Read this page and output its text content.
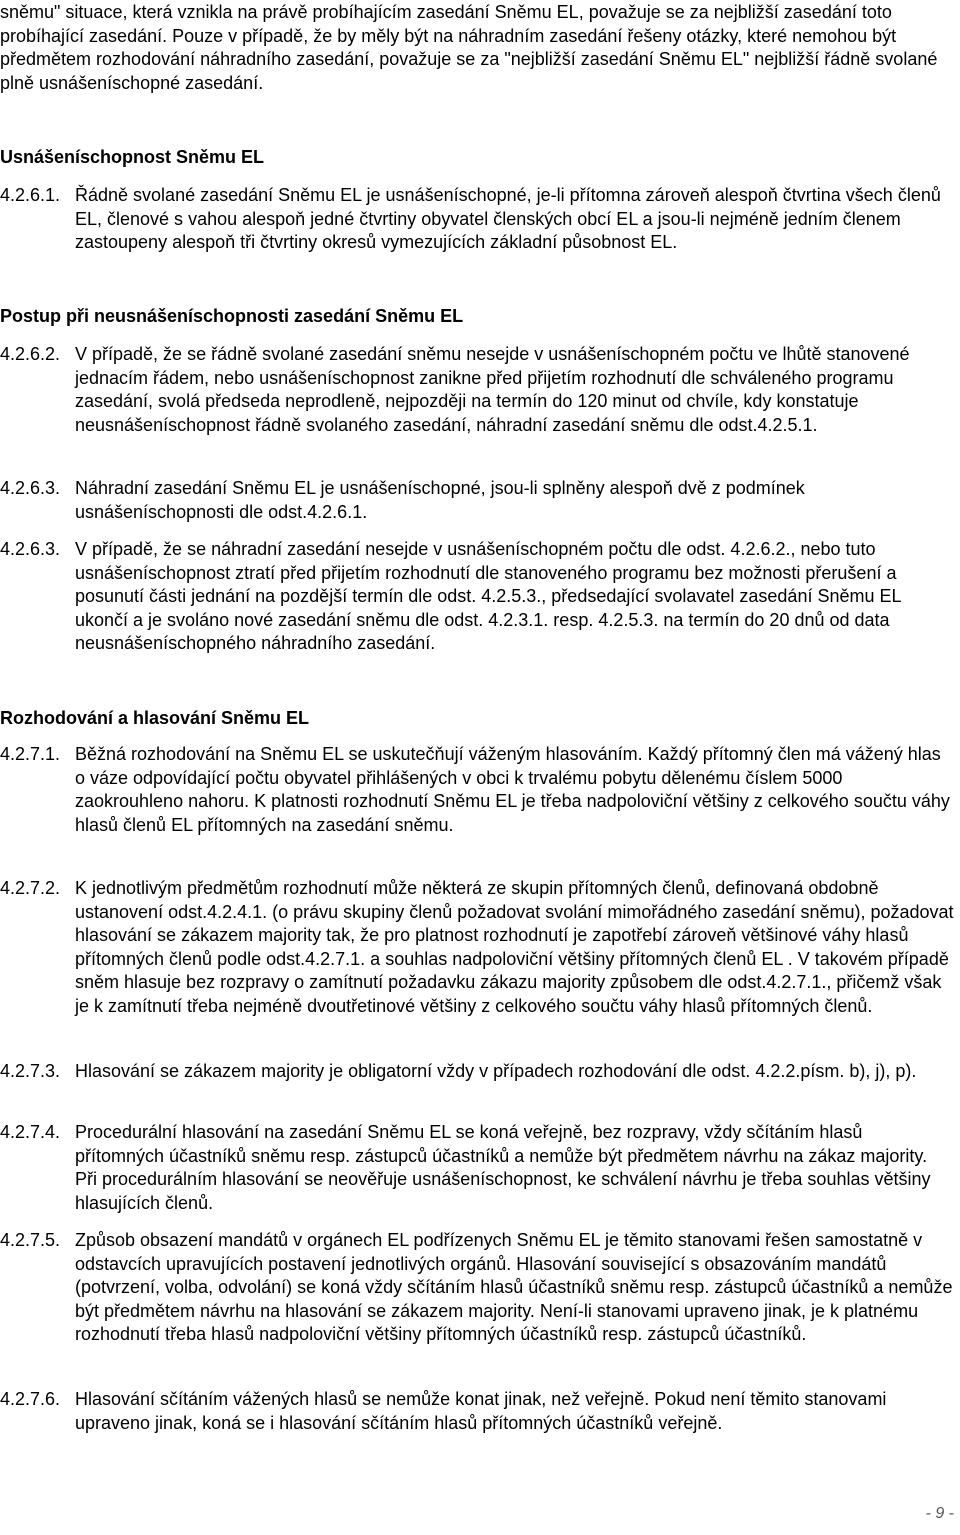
sněmu" situace, která vznikla na právě probíhajícím zasedání Sněmu EL, považuje se za nejbližší zasedání toto probíhající zasedání. Pouze v případě, že by měly být na náhradním zasedání řešeny otázky, které nemohou být předmětem rozhodování náhradního zasedání, považuje se za "nejbližší zasedání Sněmu EL" nejbližší řádně svolané plně usnášeníschopné zasedání.

Usnášeníschopnost Sněmu EL
4.2.6.1. Řádně svolané zasedání Sněmu EL je usnášeníschopné, je-li přítomna zároveň alespoň čtvrtina všech členů EL, členové s vahou alespoň jedné čtvrtiny obyvatel členských obcí EL a jsou-li nejméně jedním členem zastoupeny alespoň tři čtvrtiny okresů vymezujících základní působnost EL.

Postup při neusnášeníschopnosti zasedání Sněmu EL
4.2.6.2. V případě, že se řádně svolané zasedání sněmu nesejde v usnášeníschopném počtu ve lhůtě stanovené jednacím řádem, nebo usnášeníschopnost zanikne před přijetím rozhodnutí dle schváleného programu zasedání, svolá předseda neprodleně, nejpozději na termín do 120 minut od chvíle, kdy konstatuje neusnášeníschopnost řádně svolaného zasedání, náhradní zasedání sněmu dle odst.4.2.5.1.

4.2.6.3. Náhradní zasedání Sněmu EL je usnášeníschopné, jsou-li splněny alespoň dvě z podmínek usnášeníschopnosti dle odst.4.2.6.1.

4.2.6.3. V případě, že se náhradní zasedání nesejde v usnášeníschopném počtu dle odst. 4.2.6.2., nebo tuto usnášeníschopnost ztratí před přijetím rozhodnutí dle stanoveného programu bez možnosti přerušení a posunutí části jednání na pozdější termín dle odst. 4.2.5.3., předsedající svolavatel zasedání Sněmu EL ukončí a je svoláno nové zasedání sněmu dle odst. 4.2.3.1. resp. 4.2.5.3. na termín do 20 dnů od data neusnášeníschopného náhradního zasedání.

Rozhodování a hlasování Sněmu EL
4.2.7.1. Běžná rozhodování na Sněmu EL se uskutečňují váženým hlasováním. Každý přítomný člen má vážený hlas o váze odpovídající počtu obyvatel přihlášených v obci k trvalému pobytu dělenému číslem 5000 zaokrouhleno nahoru. K platnosti rozhodnutí Sněmu EL je třeba nadpoloviční většiny z celkového součtu váhy hlasů členů EL přítomných na zasedání sněmu.

4.2.7.2. K jednotlivým předmětům rozhodnutí může některá ze skupin přítomných členů, definovaná obdobně ustanovení odst.4.2.4.1. (o právu skupiny členů požadovat svolání mimořádného zasedání sněmu), požadovat hlasování se zákazem majority tak, že pro platnost rozhodnutí je zapotřebí zároveň většinové váhy hlasů přítomných členů podle odst.4.2.7.1. a souhlas nadpoloviční většiny přítomných členů EL . V takovém případě sněm hlasuje bez rozpravy o zamítnutí požadavku zákazu majority způsobem dle odst.4.2.7.1., přičemž však je k zamítnutí třeba nejméně dvoutřetinové většiny z celkového součtu váhy hlasů přítomných členů.

4.2.7.3. Hlasování se zákazem majority je obligatorní vždy v případech rozhodování dle odst. 4.2.2.písm. b), j), p).

4.2.7.4. Procedurální hlasování na zasedání Sněmu EL se koná veřejně, bez rozpravy, vždy sčítáním hlasů přítomných účastníků sněmu resp. zástupců účastníků a nemůže být předmětem návrhu na zákaz majority. Při procedurálním hlasování se neověřuje usnášeníschopnost, ke schválení návrhu je třeba souhlas většiny hlasujících členů.

4.2.7.5. Způsob obsazení mandátů v orgánech EL podřízenych Sněmu EL je těmito stanovami řešen samostatně v odstavcích upravujících postavení jednotlivých orgánů. Hlasování související s obsazováním mandátů (potvrzení, volba, odvolání) se koná vždy sčítáním hlasů účastníků sněmu resp. zástupců účastníků a nemůže být předmětem návrhu na hlasování se zákazem majority. Není-li stanovami upraveno jinak, je k platnému rozhodnutí třeba hlasů nadpoloviční většiny přítomných účastníků resp. zástupců účastníků.

4.2.7.6. Hlasování sčítáním vážených hlasů se nemůže konat jinak, než veřejně. Pokud není těmito stanovami upraveno jinak, koná se i hlasování sčítáním hlasů přítomných účastníků veřejně.

- 9 -
